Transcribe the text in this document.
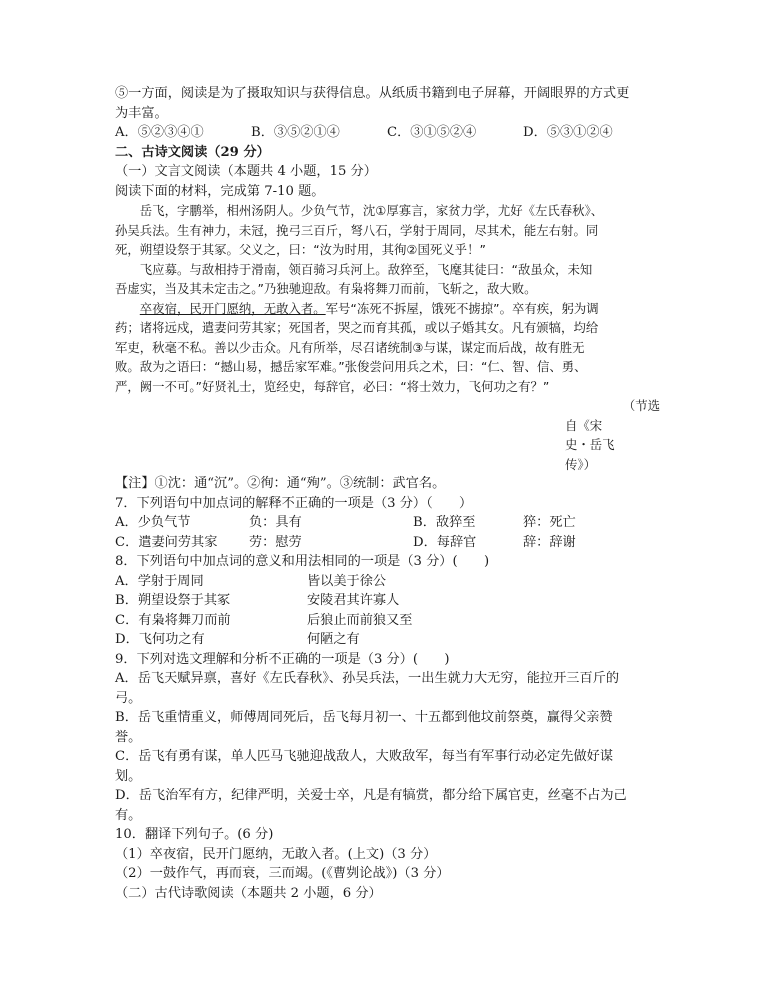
⑤一方面，阅读是为了摄取知识与获得信息。从纸质书籍到电子屏幕，开阔眼界的方式更
为丰富。
A．⑤②③④①	B．③⑤②①④	C．③①⑤②④	D．⑤③①②④
二、古诗文阅读（29 分）
（一）文言文阅读（本题共 4 小题，15 分）
阅读下面的材料，完成第 7-10 题。
岳飞，字鹏举，相州汤阴人。少负气节，沈①厚寡言，家贫力学，尤好《左氏春秋》、
孙吴兵法。生有神力，未冠，挽弓三百斤，弩八石，学射于周同，尽其术，能左右射。同
死，朔望设祭于其冢。父义之，曰：“汝为时用，其徇②国死义乎！”
飞应募。与敌相持于滑南，领百骑习兵河上。敌猝至，飞麾其徒曰：“敌虽众，未知
吾虚实，当及其未定击之。”乃独驰迎敌。有枭将舞刀而前，飞斩之，敌大败。
卒夜宿，民开门愿纳，无敢入者。军号“冻死不拆屋，饿死不掳掠”。卒有疾，躬为调
药；诸将远戍，遣妻问劳其家；死国者，哭之而育其孤，或以子婚其女。凡有颁犒，均给
军吏，秋毫不私。善以少击众。凡有所举，尽召诸统制③与谋，谋定而后战，故有胜无
败。敌为之语曰：“撼山易，撼岳家军难。”张俊尝问用兵之术，曰：“仁、智、信、勇、
严，阙一不可。”好贤礼士，览经史，每辞官，必曰：“将士效力，飞何功之有？”
（节选
自《宋
史・岳飞
传》）
【注】①沈：通“沉”。②徇：通“殉”。③统制：武官名。
7．下列语句中加点词的解释不正确的一项是（3 分）（　　）
A．少负气节	负：具有	B．敌猝至	猝：死亡
C．遣妻问劳其家	劳：慰劳	D．每辞官	辞：辞谢
8．下列语句中加点词的意义和用法相同的一项是（3 分）(　　)
A．学射于周同	皆以美于徐公
B．朔望设祭于其冢	安陵君其许寡人
C．有枭将舞刀而前	后狼止而前狼又至
D．飞何功之有	何陋之有
9．下列对选文理解和分析不正确的一项是（3 分）(　　)
A．岳飞天赋异禀，喜好《左氏春秋》、孙吴兵法，一出生就力大无穷，能拉开三百斤的
弓。
B．岳飞重情重义，师傅周同死后，岳飞每月初一、十五都到他坟前祭奠，赢得父亲赞
誉。
C．岳飞有勇有谋，单人匹马飞驰迎战敌人，大败敌军，每当有军事行动必定先做好谋
划。
D．岳飞治军有方，纪律严明，关爱士卒，凡是有犒赏，都分给下属官吏，丝毫不占为己
有。
10．翻译下列句子。(6 分)
（1）卒夜宿，民开门愿纳，无敢入者。(上文)（3 分）
（2）一鼓作气，再而衰，三而竭。(《曹刿论战》)（3 分）
（二）古代诗歌阅读（本题共 2 小题，6 分）
